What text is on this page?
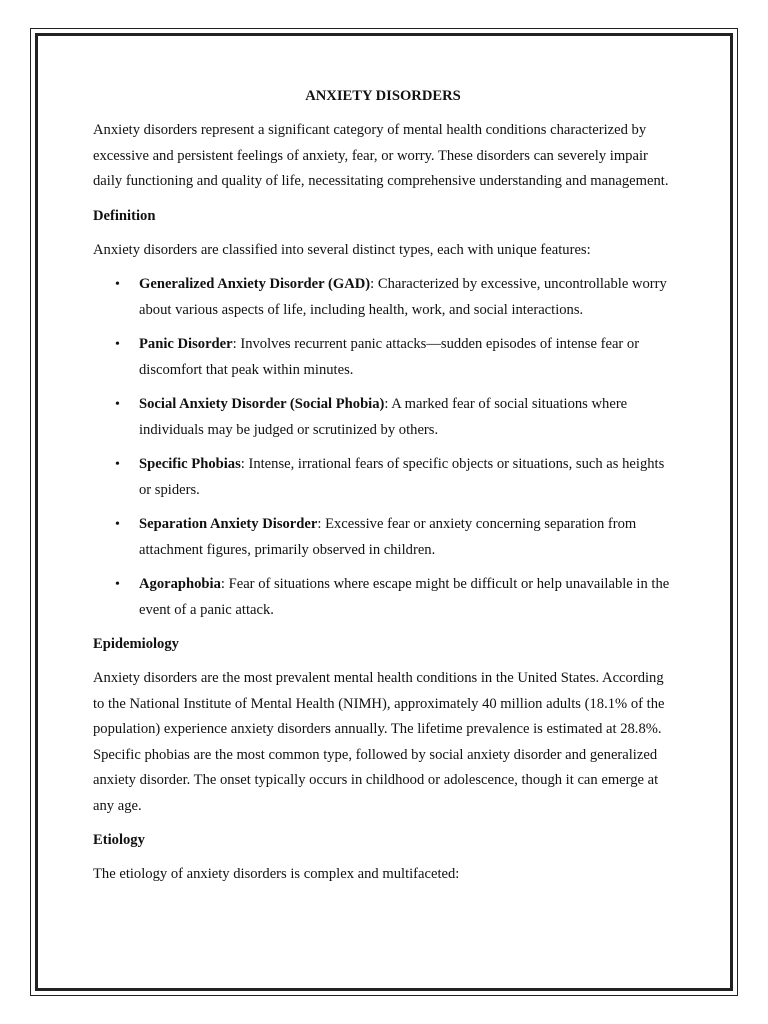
ANXIETY DISORDERS

Anxiety disorders represent a significant category of mental health conditions characterized by excessive and persistent feelings of anxiety, fear, or worry. These disorders can severely impair daily functioning and quality of life, necessitating comprehensive understanding and management.

Definition

Anxiety disorders are classified into several distinct types, each with unique features:

• Generalized Anxiety Disorder (GAD): Characterized by excessive, uncontrollable worry about various aspects of life, including health, work, and social interactions.
• Panic Disorder: Involves recurrent panic attacks—sudden episodes of intense fear or discomfort that peak within minutes.
• Social Anxiety Disorder (Social Phobia): A marked fear of social situations where individuals may be judged or scrutinized by others.
• Specific Phobias: Intense, irrational fears of specific objects or situations, such as heights or spiders.
• Separation Anxiety Disorder: Excessive fear or anxiety concerning separation from attachment figures, primarily observed in children.
• Agoraphobia: Fear of situations where escape might be difficult or help unavailable in the event of a panic attack.
Epidemiology

Anxiety disorders are the most prevalent mental health conditions in the United States. According to the National Institute of Mental Health (NIMH), approximately 40 million adults (18.1% of the population) experience anxiety disorders annually. The lifetime prevalence is estimated at 28.8%. Specific phobias are the most common type, followed by social anxiety disorder and generalized anxiety disorder. The onset typically occurs in childhood or adolescence, though it can emerge at any age.

Etiology

The etiology of anxiety disorders is complex and multifaceted:
